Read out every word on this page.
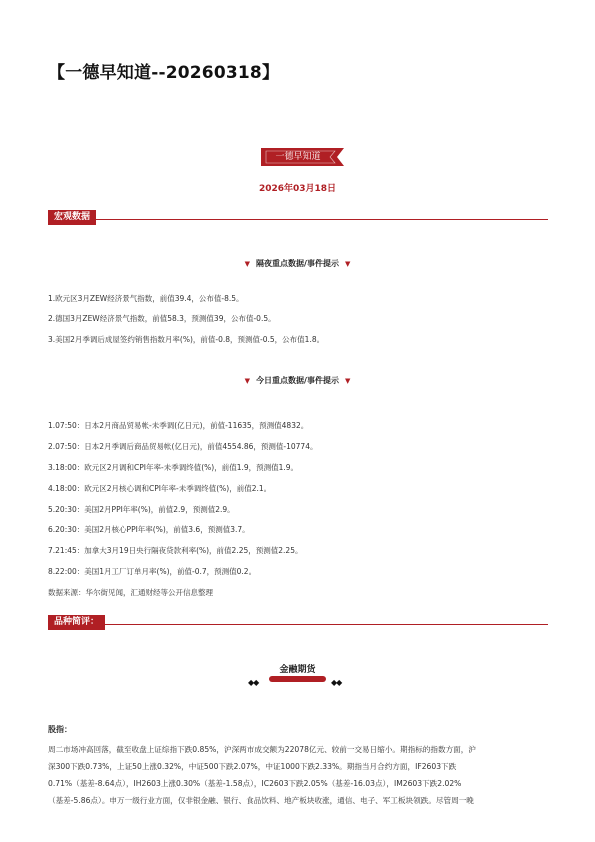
【一德早知道--20260318】
一德早知道
2026年03月18日
宏观数据
▼ 隔夜重点数据/事件提示 ▼
1.欧元区3月ZEW经济景气指数，前值39.4，公布值-8.5。
2.德国3月ZEW经济景气指数，前值58.3，预测值39，公布值-0.5。
3.美国2月季调后成屋签约销售指数月率(%)，前值-0.8，预测值-0.5，公布值1.8。
▼ 今日重点数据/事件提示 ▼
1.07:50：日本2月商品贸易帐-未季调(亿日元)，前值-11635，预测值4832。
2.07:50：日本2月季调后商品贸易帐(亿日元)，前值4554.86，预测值-10774。
3.18:00：欧元区2月调和CPI年率-未季调终值(%)，前值1.9，预测值1.9。
4.18:00：欧元区2月核心调和CPI年率-未季调终值(%)，前值2.1。
5.20:30：美国2月PPI年率(%)，前值2.9，预测值2.9。
6.20:30：美国2月核心PPI年率(%)，前值3.6，预测值3.7。
7.21:45：加拿大3月19日央行隔夜贷款利率(%)，前值2.25，预测值2.25。
8.22:00：美国1月工厂订单月率(%)，前值-0.7，预测值0.2。
数据来源：华尔街见闻，汇通财经等公开信息整理
品种简评：
金融期货
◆◆	◆◆
股指：
周二市场冲高回落，截至收盘上证综指下跌0.85%，沪深两市成交额为22078亿元、较前一交易日缩小。期指标的指数方面，沪
深300下跌0.73%，上证50上涨0.32%，中证500下跌2.07%，中证1000下跌2.33%。期指当月合约方面，IF2603下跌
0.71%（基差-8.64点），IH2603上涨0.30%（基差-1.58点），IC2603下跌2.05%（基差-16.03点），IM2603下跌2.02%
（基差-5.86点）。申万一级行业方面，仅非银金融、银行、食品饮料、地产板块收涨，通信、电子、军工板块领跌。尽管周一晚
